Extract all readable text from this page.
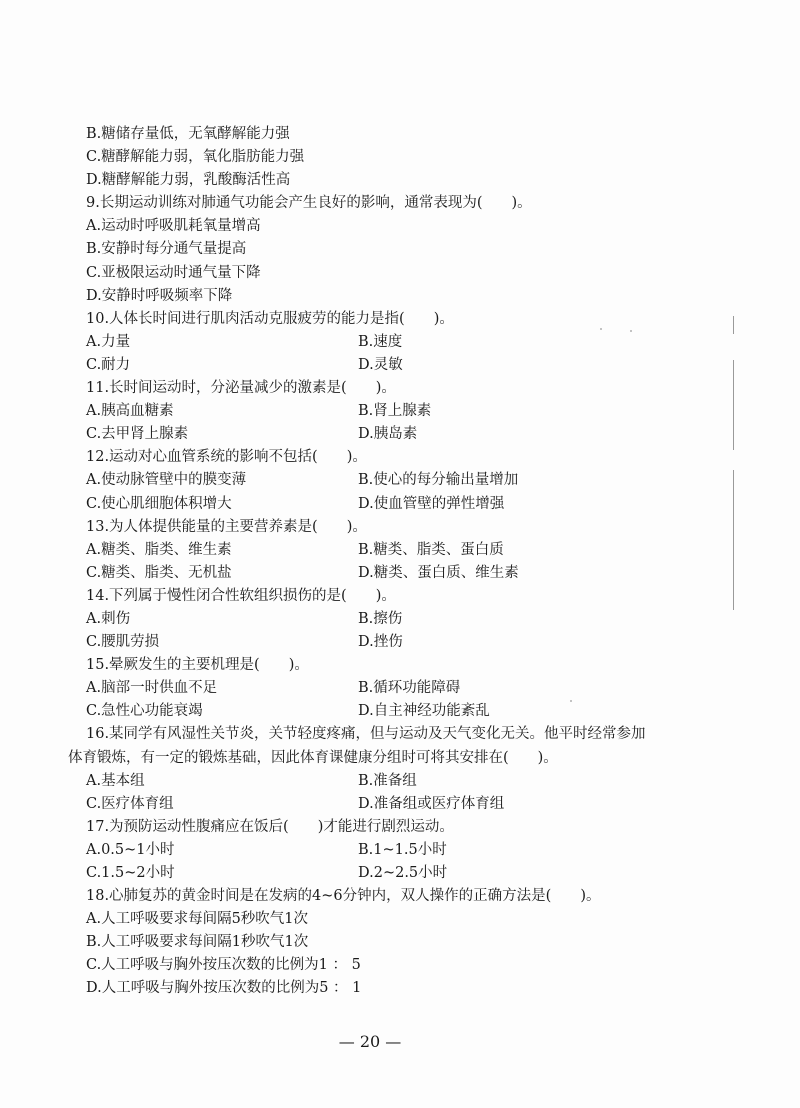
B.糖储存量低，无氧酵解能力强
C.糖酵解能力弱，氧化脂肪能力强
D.糖酵解能力弱，乳酸酶活性高
9.长期运动训练对肺通气功能会产生良好的影响，通常表现为(　　)。
A.运动时呼吸肌耗氧量增高
B.安静时每分通气量提高
C.亚极限运动时通气量下降
D.安静时呼吸频率下降
10.人体长时间进行肌肉活动克服疲劳的能力是指(　　)。
A.力量	B.速度
C.耐力	D.灵敏
11.长时间运动时，分泌量减少的激素是(　　)。
A.胰高血糖素	B.肾上腺素
C.去甲肾上腺素	D.胰岛素
12.运动对心血管系统的影响不包括(　　)。
A.使动脉管壁中的膜变薄	B.使心的每分输出量增加
C.使心肌细胞体积增大	D.使血管壁的弹性增强
13.为人体提供能量的主要营养素是(　　)。
A.糖类、脂类、维生素	B.糖类、脂类、蛋白质
C.糖类、脂类、无机盐	D.糖类、蛋白质、维生素
14.下列属于慢性闭合性软组织损伤的是(　　)。
A.刺伤	B.擦伤
C.腰肌劳损	D.挫伤
15.晕厥发生的主要机理是(　　)。
A.脑部一时供血不足	B.循环功能障碍
C.急性心功能衰竭	D.自主神经功能紊乱
16.某同学有风湿性关节炎，关节轻度疼痛，但与运动及天气变化无关。他平时经常参加
体育锻炼，有一定的锻炼基础，因此体育课健康分组时可将其安排在(　　)。
A.基本组	B.准备组
C.医疗体育组	D.准备组或医疗体育组
17.为预防运动性腹痛应在饭后(　　)才能进行剧烈运动。
A.0.5~1小时	B.1~1.5小时
C.1.5~2小时	D.2~2.5小时
18.心肺复苏的黄金时间是在发病的4~6分钟内，双人操作的正确方法是(　　)。
A.人工呼吸要求每间隔5秒吹气1次
B.人工呼吸要求每间隔1秒吹气1次
C.人工呼吸与胸外按压次数的比例为1 ： 5
D.人工呼吸与胸外按压次数的比例为5 ： 1
— 20 —
